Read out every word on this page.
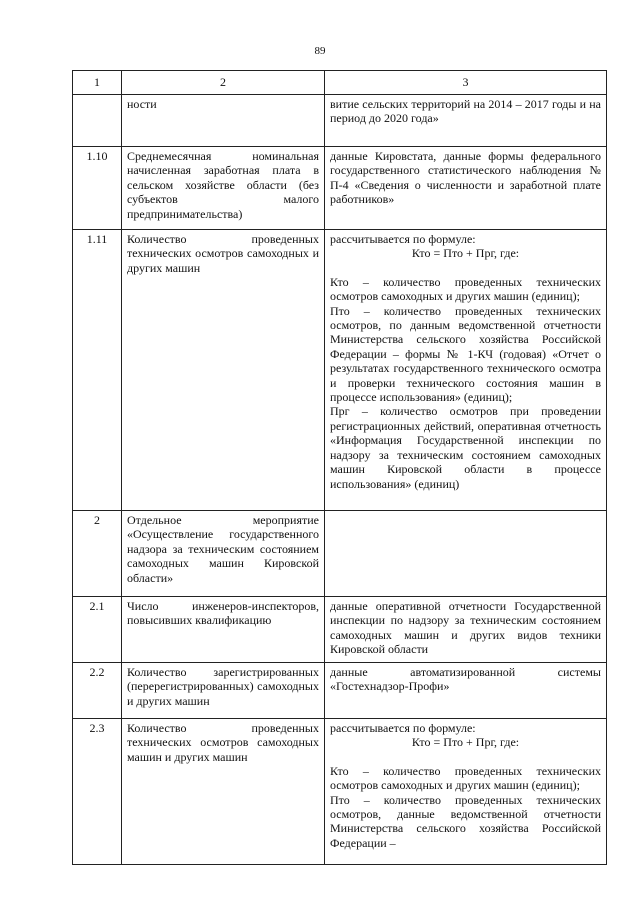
89
1	2	3
	ности	витие сельских территорий на 2014 – 2017 годы и на период до 2020 года»

1.10	Среднемесячная номинальная начисленная заработная плата в сельском хозяйстве области (без субъектов малого предпринимательства)	данные Кировстата, данные формы федерального государственного статистического наблюдения № П-4 «Сведения о численности и заработной плате работников»

1.11	Количество проведенных технических осмотров самоходных и других машин	рассчитывается по формуле:

Кто = Пто + Прг, где:

Кто – количество проведенных технических осмотров самоходных и других машин (единиц);

Пто – количество проведенных технических осмотров, по данным ведомственной отчетности Министерства сельского хозяйства Российской Федерации – формы № 1-КЧ (годовая) «Отчет о результатах государственного технического осмотра и проверки технического состояния машин в процессе использования» (единиц);

Прг – количество осмотров при проведении регистрационных действий, оперативная отчетность «Информация Государственной инспекции по надзору за техническим состоянием самоходных машин Кировской области в процессе использования» (единиц)

2	Отдельное мероприятие «Осуществление государственного надзора за техническим состоянием самоходных машин Кировской области»	
2.1	Число инженеров-инспекторов, повысивших квалификацию	данные оперативной отчетности Государственной инспекции по надзору за техническим состоянием самоходных машин и других видов техники Кировской области

2.2	Количество зарегистрированных (перерегистрированных) самоходных и других машин	данные автоматизированной системы «Гостехнадзор-Профи»

2.3	Количество проведенных технических осмотров самоходных машин и других машин	рассчитывается по формуле:

Кто = Пто + Прг, где:

Кто – количество проведенных технических осмотров самоходных и других машин (единиц);

Пто – количество проведенных технических осмотров, данные ведомственной отчетности Министерства сельского хозяйства Российской Федерации –
